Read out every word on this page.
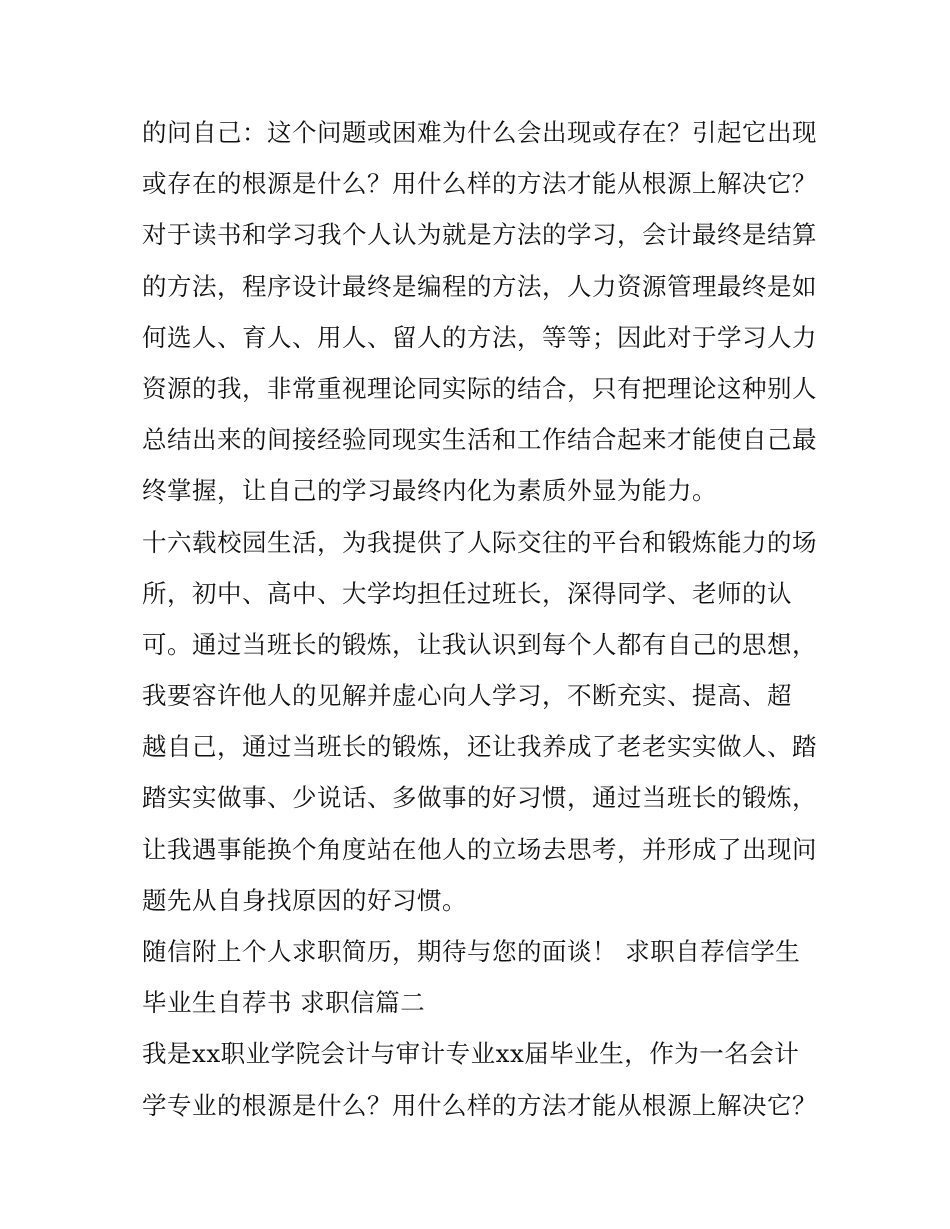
的问自己：这个问题或困难为什么会出现或存在？引起它出现
或存在的根源是什么？用什么样的方法才能从根源上解决它？
对于读书和学习我个人认为就是方法的学习，会计最终是结算
的方法，程序设计最终是编程的方法，人力资源管理最终是如
何选人、育人、用人、留人的方法，等等；因此对于学习人力
资源的我，非常重视理论同实际的结合，只有把理论这种别人
总结出来的间接经验同现实生活和工作结合起来才能使自己最
终掌握，让自己的学习最终内化为素质外显为能力。
十六载校园生活，为我提供了人际交往的平台和锻炼能力的场
所，初中、高中、大学均担任过班长，深得同学、老师的认
可。通过当班长的锻炼，让我认识到每个人都有自己的思想，
我要容许他人的见解并虚心向人学习，不断充实、提高、超
越自己，通过当班长的锻炼，还让我养成了老老实实做人、踏
踏实实做事、少说话、多做事的好习惯，通过当班长的锻炼，
让我遇事能换个角度站在他人的立场去思考，并形成了出现问
题先从自身找原因的好习惯。
随信附上个人求职简历，期待与您的面谈！ 求职自荐信学生
毕业生自荐书 求职信篇二
我是xx职业学院会计与审计专业xx届毕业生，作为一名会计
学专业的根源是什么？用什么样的方法才能从根源上解决它？
